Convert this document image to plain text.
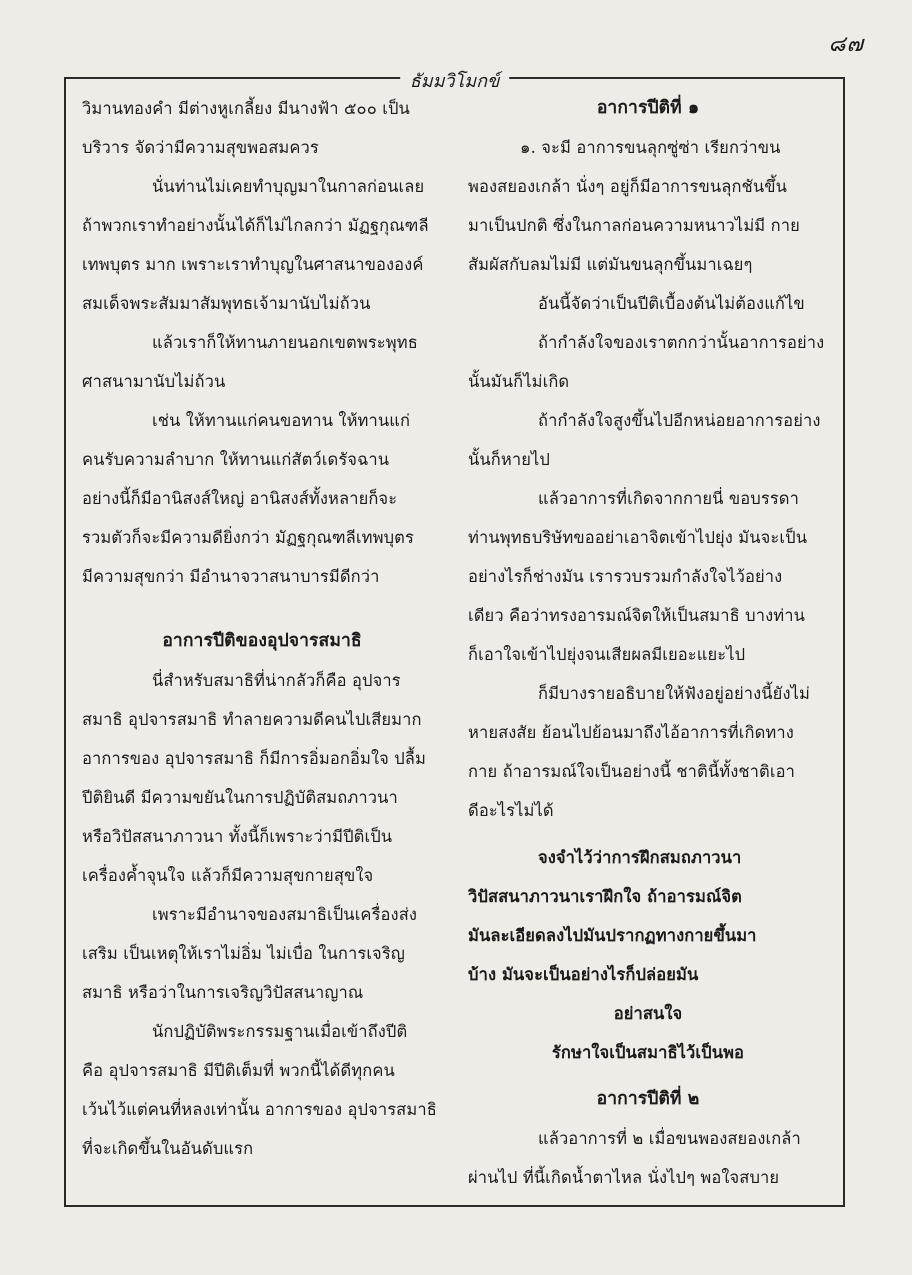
๘๗
ธัมมวิโมกข์

วิมานทองคำ มีต่างหูเกลี้ยง มีนางฟ้า ๕๐๐ เป็น

บริวาร จัดว่ามีความสุขพอสมควร

นั่นท่านไม่เคยทำบุญมาในกาลก่อนเลย

ถ้าพวกเราทำอย่างนั้นได้ก็ไม่ไกลกว่า มัฏฐกุณฑลี

เทพบุตร มาก เพราะเราทำบุญในศาสนาขององค์

สมเด็จพระสัมมาสัมพุทธเจ้ามานับไม่ถ้วน

แล้วเราก็ให้ทานภายนอกเขตพระพุทธ

ศาสนามานับไม่ถ้วน

เช่น ให้ทานแก่คนขอทาน ให้ทานแก่

คนรับความลำบาก ให้ทานแก่สัตว์เดรัจฉาน

อย่างนี้ก็มีอานิสงส์ใหญ่ อานิสงส์ทั้งหลายก็จะ

รวมตัวก็จะมีความดียิ่งกว่า มัฏฐกุณฑลีเทพบุตร

มีความสุขกว่า มีอำนาจวาสนาบารมีดีกว่า

อาการปีติของอุปจารสมาธิ

นี่สำหรับสมาธิที่น่ากลัวก็คือ อุปจาร

สมาธิ อุปจารสมาธิ ทำลายความดีคนไปเสียมาก

อาการของ อุปจารสมาธิ ก็มีการอิ่มอกอิ่มใจ ปลื้ม

ปีติยินดี มีความขยันในการปฏิบัติสมถภาวนา

หรือวิปัสสนาภาวนา ทั้งนี้ก็เพราะว่ามีปีติเป็น

เครื่องค้ำจุนใจ แล้วก็มีความสุขกายสุขใจ

เพราะมีอำนาจของสมาธิเป็นเครื่องส่ง

เสริม เป็นเหตุให้เราไม่อิ่ม ไม่เบื่อ ในการเจริญ

สมาธิ หรือว่าในการเจริญวิปัสสนาญาณ

นักปฏิบัติพระกรรมฐานเมื่อเข้าถึงปีติ

คือ อุปจารสมาธิ มีปีติเต็มที่ พวกนี้ได้ดีทุกคน

เว้นไว้แต่คนที่หลงเท่านั้น อาการของ อุปจารสมาธิ

ที่จะเกิดขึ้นในอันดับแรก

อาการปีติที่ ๑

๑. จะมี อาการขนลุกซู่ซ่า เรียกว่าขน

พองสยองเกล้า นั่งๆ อยู่ก็มีอาการขนลุกชันขึ้น

มาเป็นปกติ ซึ่งในกาลก่อนความหนาวไม่มี กาย

สัมผัสกับลมไม่มี แต่มันขนลุกขึ้นมาเฉยๆ

อันนี้จัดว่าเป็นปีติเบื้องต้นไม่ต้องแก้ไข

ถ้ากำลังใจของเราตกกว่านั้นอาการอย่าง

นั้นมันก็ไม่เกิด

ถ้ากำลังใจสูงขึ้นไปอีกหน่อยอาการอย่าง

นั้นก็หายไป

แล้วอาการที่เกิดจากกายนี่ ขอบรรดา

ท่านพุทธบริษัทขออย่าเอาจิตเข้าไปยุ่ง มันจะเป็น

อย่างไรก็ช่างมัน เรารวบรวมกำลังใจไว้อย่าง

เดียว คือว่าทรงอารมณ์จิตให้เป็นสมาธิ บางท่าน

ก็เอาใจเข้าไปยุ่งจนเสียผลมีเยอะแยะไป

ก็มีบางรายอธิบายให้ฟังอยู่อย่างนี้ยังไม่

หายสงสัย ย้อนไปย้อนมาถึงไอ้อาการที่เกิดทาง

กาย ถ้าอารมณ์ใจเป็นอย่างนี้ ชาตินี้ทั้งชาติเอา

ดีอะไรไม่ได้

จงจำไว้ว่าการฝึกสมถภาวนา

วิปัสสนาภาวนาเราฝึกใจ ถ้าอารมณ์จิต

มันละเอียดลงไปมันปรากฏทางกายขึ้นมา

บ้าง มันจะเป็นอย่างไรก็ปล่อยมัน

อย่าสนใจ

รักษาใจเป็นสมาธิไว้เป็นพอ

อาการปีติที่ ๒

แล้วอาการที่ ๒ เมื่อขนพองสยองเกล้า

ผ่านไป ที่นี้เกิดน้ำตาไหล นั่งไปๆ พอใจสบาย
